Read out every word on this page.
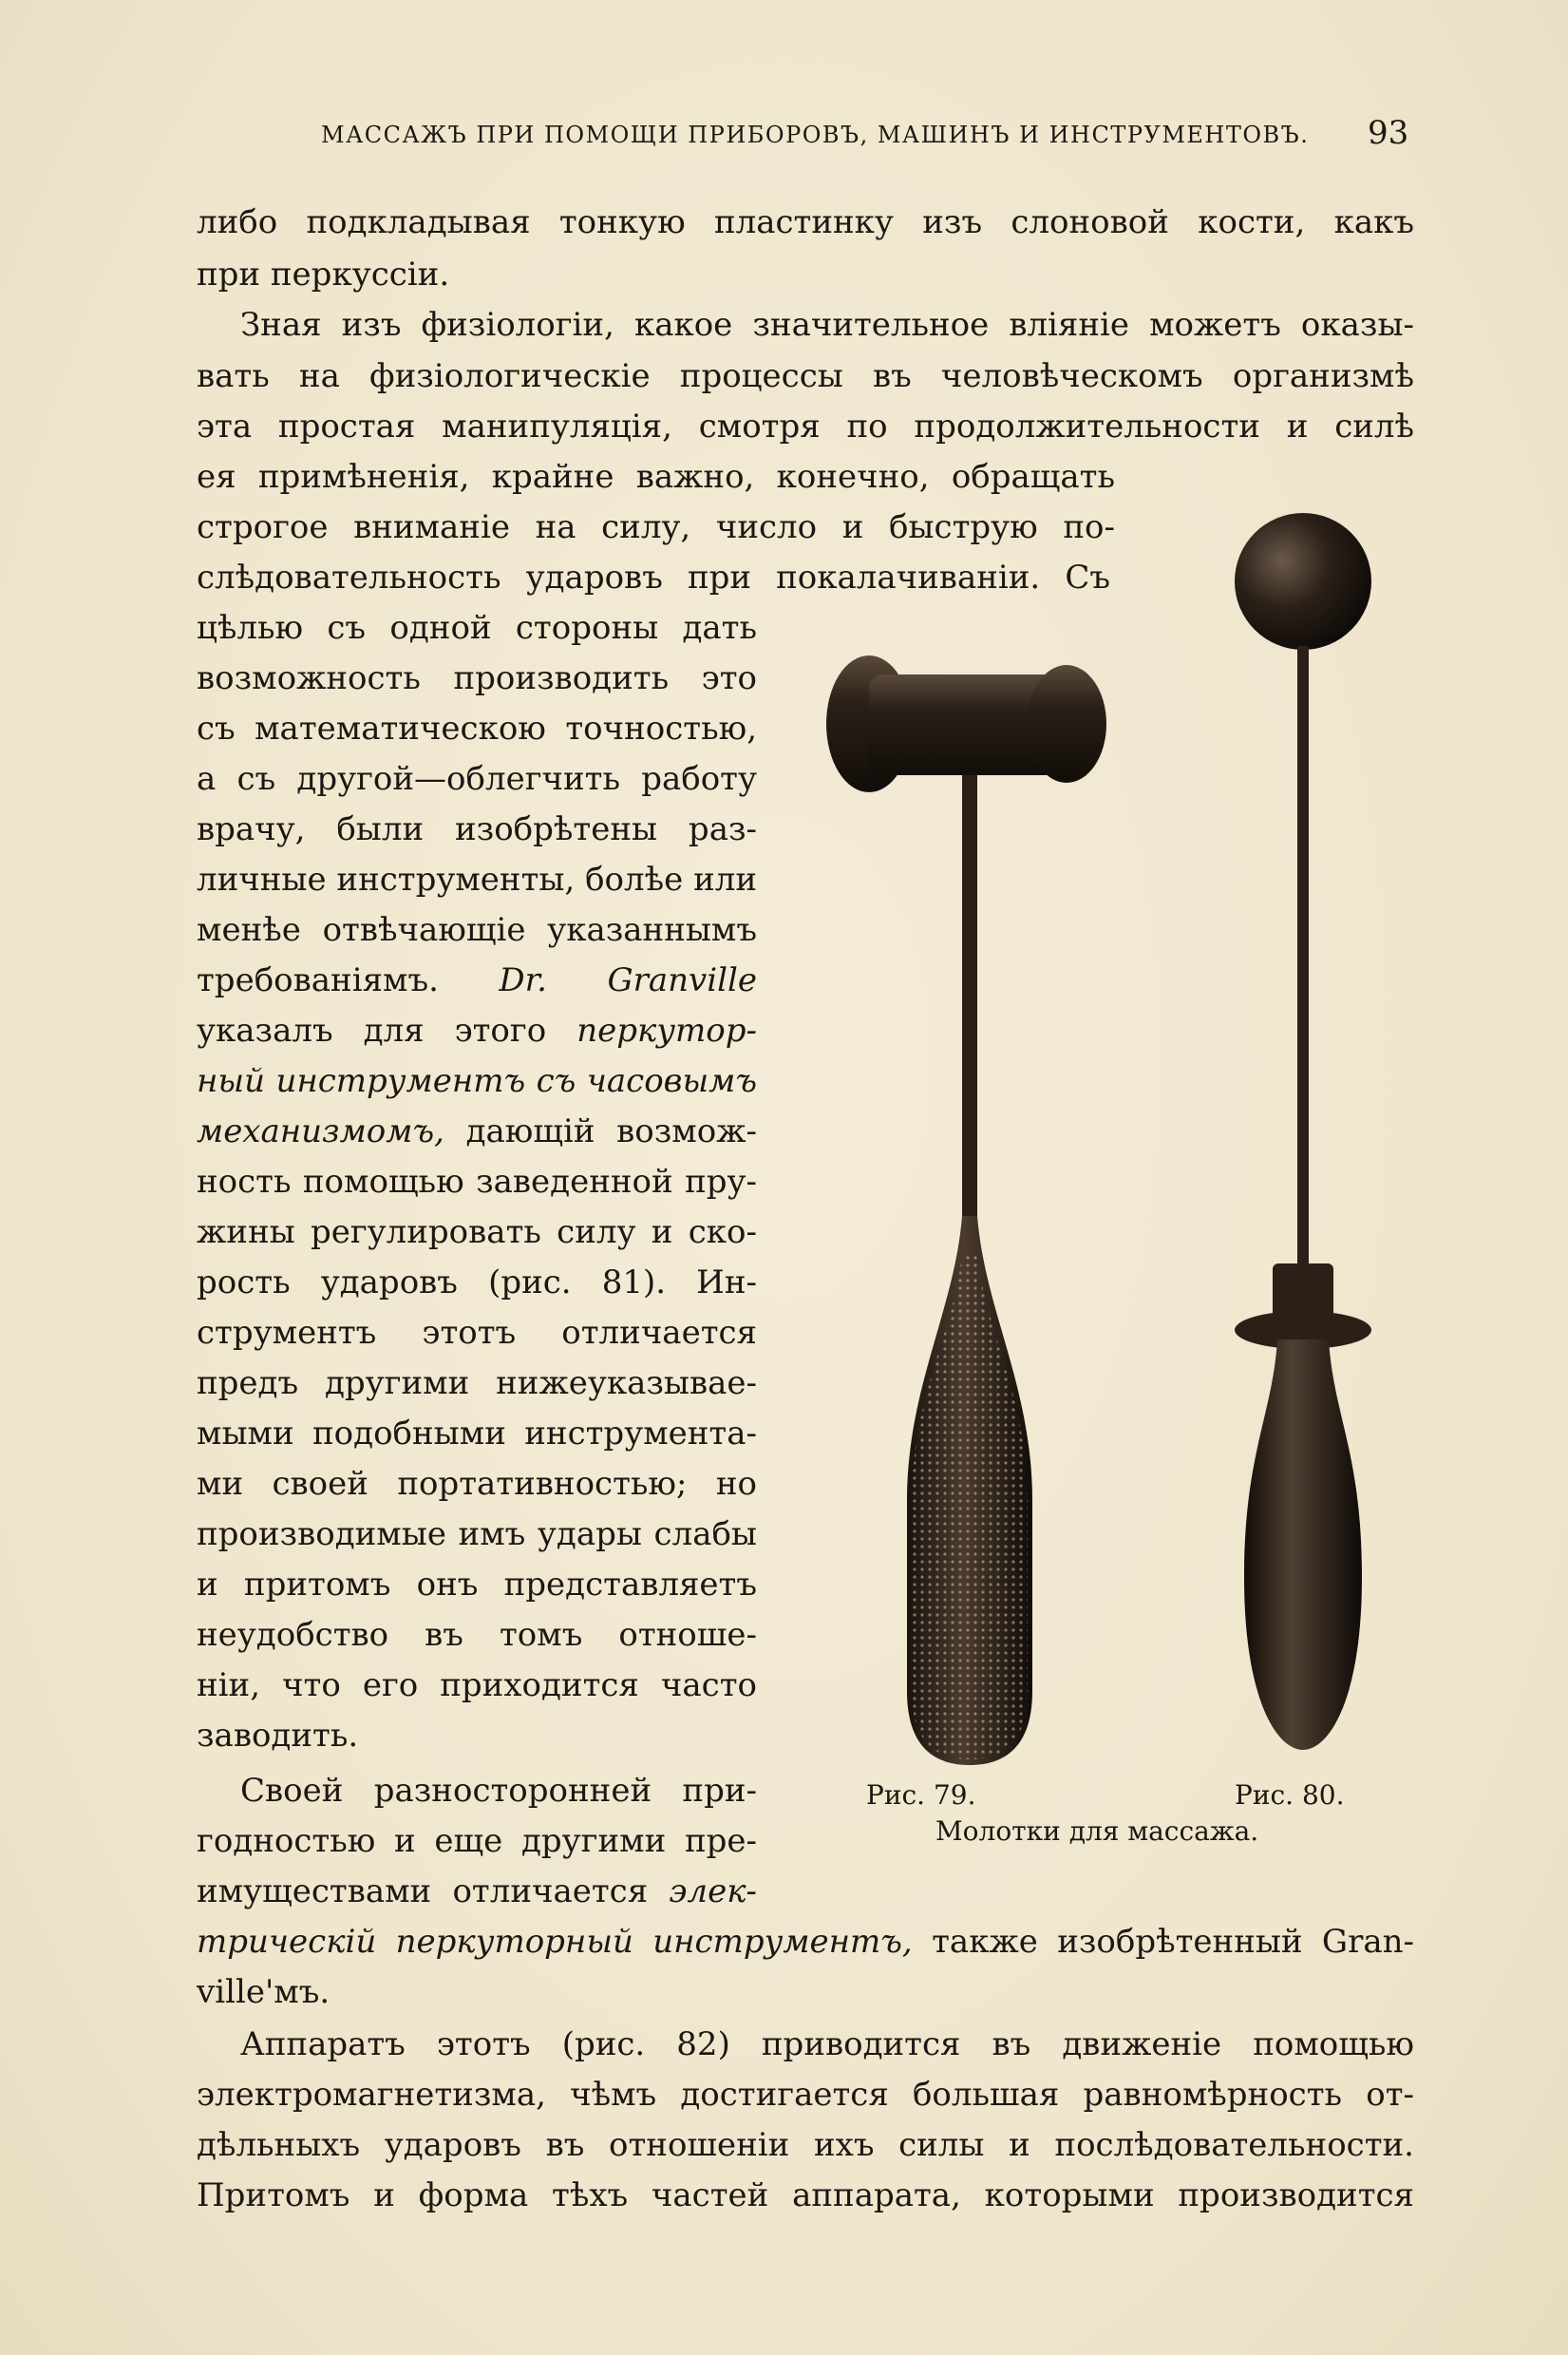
МАССАЖЪ ПРИ ПОМОЩИ ПРИБОРОВЪ, МАШИНЪ И ИНСТРУМЕНТОВЪ. 93
либо подкладывая тонкую пластинку изъ слоновой кости, какъ
при перкуссіи.
Зная изъ физіологіи, какое значительное вліяніе можетъ оказы-
вать на физіологическіе процессы въ человѣческомъ организмѣ
эта простая манипуляція, смотря по продолжительности и силѣ
ея примѣненія, крайне важно, конечно, обращать
строгое вниманіе на силу, число и быструю по-
слѣдовательность ударовъ при покалачиваніи. Съ
цѣлью съ одной стороны дать
возможность производить это
съ математическою точностью,
а съ другой—облегчить работу
врачу, были изобрѣтены раз-
личные инструменты, болѣе или
менѣе отвѣчающіе указаннымъ
требованіямъ. Dr. Granville
указалъ для этого перкутор-
ный инструментъ съ часовымъ
механизмомъ, дающій возмож-
ность помощью заведенной пру-
жины регулировать силу и ско-
рость ударовъ (рис. 81). Ин-
струментъ этотъ отличается
предъ другими нижеуказывае-
мыми подобными инструмента-
ми своей портативностью; но
производимые имъ удары слабы
и притомъ онъ представляетъ
неудобство въ томъ отноше-
ніи, что его приходится часто
заводить.
Своей разносторонней при-
годностью и еще другими пре-
имуществами отличается элек-
трическій перкуторный инструментъ, также изобрѣтенный Gran-
ville'мъ.
Аппаратъ этотъ (рис. 82) приводится въ движеніе помощью
электромагнетизма, чѣмъ достигается большая равномѣрность от-
дѣльныхъ ударовъ въ отношеніи ихъ силы и послѣдовательности.
Притомъ и форма тѣхъ частей аппарата, которыми производится
Рис. 79.	Рис. 80.
Молотки для массажа.
